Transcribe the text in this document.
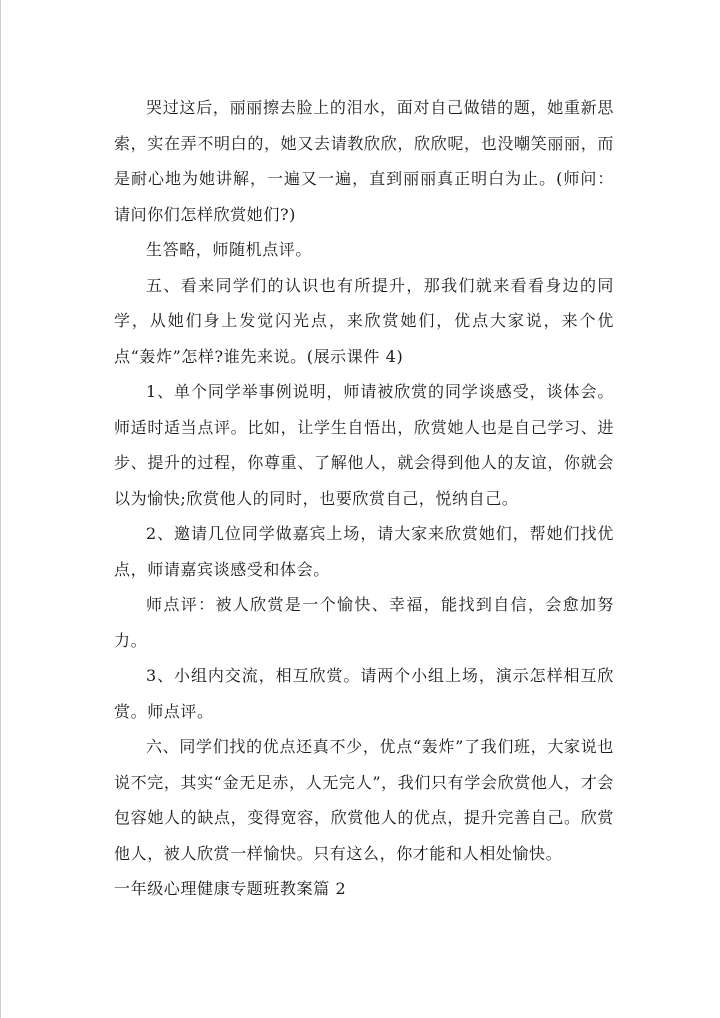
哭过这后，丽丽擦去脸上的泪水，面对自己做错的题，她重新思索，实在弄不明白的，她又去请教欣欣，欣欣呢，也没嘲笑丽丽，而是耐心地为她讲解，一遍又一遍，直到丽丽真正明白为止。(师问：请问你们怎样欣赏她们?)

生答略，师随机点评。

五、看来同学们的认识也有所提升，那我们就来看看身边的同学，从她们身上发觉闪光点，来欣赏她们，优点大家说，来个优点“轰炸”怎样?谁先来说。(展示课件 4)

1、单个同学举事例说明，师请被欣赏的同学谈感受，谈体会。师适时适当点评。比如，让学生自悟出，欣赏她人也是自己学习、进步、提升的过程，你尊重、了解他人，就会得到他人的友谊，你就会以为愉快;欣赏他人的同时，也要欣赏自己，悦纳自己。

2、邀请几位同学做嘉宾上场，请大家来欣赏她们，帮她们找优点，师请嘉宾谈感受和体会。

师点评：被人欣赏是一个愉快、幸福，能找到自信，会愈加努力。

3、小组内交流，相互欣赏。请两个小组上场，演示怎样相互欣赏。师点评。

六、同学们找的优点还真不少，优点“轰炸”了我们班，大家说也说不完，其实“金无足赤，人无完人”，我们只有学会欣赏他人，才会包容她人的缺点，变得宽容，欣赏他人的优点，提升完善自己。欣赏他人，被人欣赏一样愉快。只有这么，你才能和人相处愉快。

一年级心理健康专题班教案篇 2
